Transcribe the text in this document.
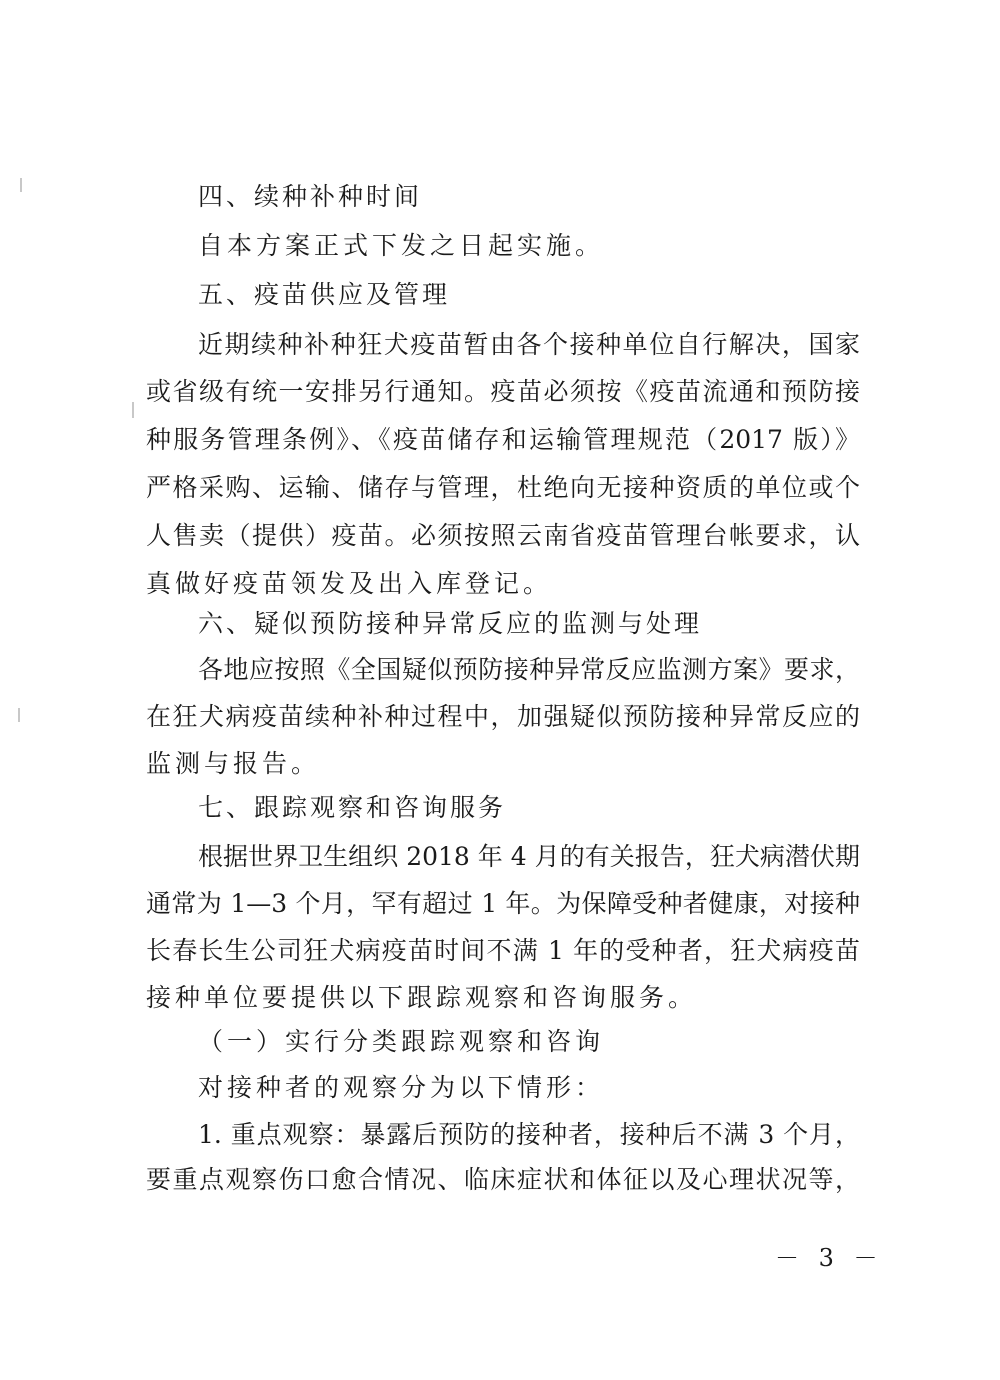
四、续种补种时间
自本方案正式下发之日起实施。
五、疫苗供应及管理
近期续种补种狂犬疫苗暂由各个接种单位自行解决，国家
或省级有统一安排另行通知。疫苗必须按《疫苗流通和预防接
种服务管理条例》、《疫苗储存和运输管理规范（2017 版）》
严格采购、运输、储存与管理，杜绝向无接种资质的单位或个
人售卖（提供）疫苗。必须按照云南省疫苗管理台帐要求，认
真做好疫苗领发及出入库登记。
六、疑似预防接种异常反应的监测与处理
各地应按照《全国疑似预防接种异常反应监测方案》要求，
在狂犬病疫苗续种补种过程中，加强疑似预防接种异常反应的
监测与报告。
七、跟踪观察和咨询服务
根据世界卫生组织 2018 年 4 月的有关报告，狂犬病潜伏期
通常为 1—3 个月，罕有超过 1 年。为保障受种者健康，对接种
长春长生公司狂犬病疫苗时间不满 1 年的受种者，狂犬病疫苗
接种单位要提供以下跟踪观察和咨询服务。
（一）实行分类跟踪观察和咨询
对接种者的观察分为以下情形：
1. 重点观察：暴露后预防的接种者，接种后不满 3 个月，
要重点观察伤口愈合情况、临床症状和体征以及心理状况等，
－ 3 －
